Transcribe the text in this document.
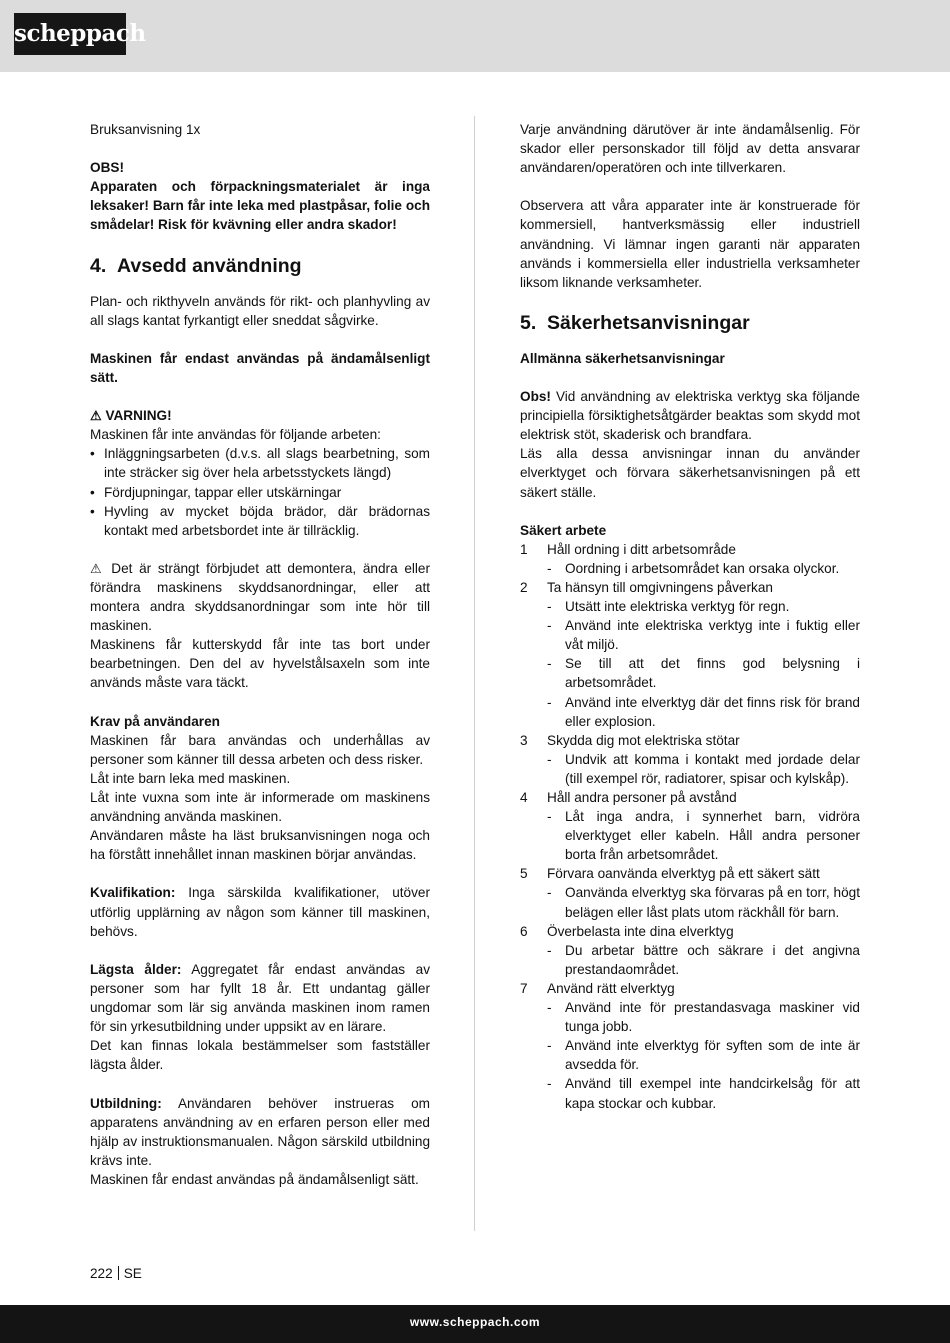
scheppach
Bruksanvisning 1x
OBS!
Apparaten och förpackningsmaterialet är inga leksaker! Barn får inte leka med plastpåsar, folie och smådelar! Risk för kvävning eller andra skador!
4. Avsedd användning
Plan- och rikthyveln används för rikt- och planhyvling av all slags kantat fyrkantigt eller sneddat sågvirke.
Maskinen får endast användas på ändamålsenligt sätt.
⚠ VARNING!
Maskinen får inte användas för följande arbeten:
• Inläggningsarbeten (d.v.s. all slags bearbetning, som inte sträcker sig över hela arbetsstyckets längd)
• Fördjupningar, tappar eller utskärningar
• Hyvling av mycket böjda brädor, där brädornas kontakt med arbetsbordet inte är tillräcklig.
⚠ Det är strängt förbjudet att demontera, ändra eller förändra maskinens skyddsanordningar, eller att montera andra skyddsanordningar som inte hör till maskinen.
Maskinens får kutterskydd får inte tas bort under bearbetningen. Den del av hyvelstålsaxeln som inte används måste vara täckt.
Krav på användaren
Maskinen får bara användas och underhållas av personer som känner till dessa arbeten och dess risker.
Låt inte barn leka med maskinen.
Låt inte vuxna som inte är informerade om maskinens användning använda maskinen.
Användaren måste ha läst bruksanvisningen noga och ha förstått innehållet innan maskinen börjar användas.
Kvalifikation: Inga särskilda kvalifikationer, utöver utförlig upplärning av någon som känner till maskinen, behövs.
Lägsta ålder: Aggregatet får endast användas av personer som har fyllt 18 år. Ett undantag gäller ungdomar som lär sig använda maskinen inom ramen för sin yrkesutbildning under uppsikt av en lärare.
Det kan finnas lokala bestämmelser som fastställer lägsta ålder.
Utbildning: Användaren behöver instrueras om apparatens användning av en erfaren person eller med hjälp av instruktionsmanualen. Någon särskild utbildning krävs inte.
Maskinen får endast användas på ändamålsenligt sätt.
Varje användning därutöver är inte ändamålsenlig. För skador eller personskador till följd av detta ansvarar användaren/operatören och inte tillverkaren.
Observera att våra apparater inte är konstruerade för kommersiell, hantverksmässig eller industriell användning. Vi lämnar ingen garanti när apparaten används i kommersiella eller industriella verksamheter liksom liknande verksamheter.
5. Säkerhetsanvisningar
Allmänna säkerhetsanvisningar
Obs! Vid användning av elektriska verktyg ska följande principiella försiktighetsåtgärder beaktas som skydd mot elektrisk stöt, skaderisk och brandfara.
Läs alla dessa anvisningar innan du använder elverktyget och förvara säkerhetsanvisningen på ett säkert ställe.
Säkert arbete
1 Håll ordning i ditt arbetsområde
- Oordning i arbetsområdet kan orsaka olyckor.
2 Ta hänsyn till omgivningens påverkan
- Utsätt inte elektriska verktyg för regn.
- Använd inte elektriska verktyg inte i fuktig eller våt miljö.
- Se till att det finns god belysning i arbetsområdet.
- Använd inte elverktyg där det finns risk för brand eller explosion.
3 Skydda dig mot elektriska stötar
- Undvik att komma i kontakt med jordade delar (till exempel rör, radiatorer, spisar och kylskåp).
4 Håll andra personer på avstånd
- Låt inga andra, i synnerhet barn, vidröra elverktyget eller kabeln. Håll andra personer borta från arbetsområdet.
5 Förvara oanvända elverktyg på ett säkert sätt
- Oanvända elverktyg ska förvaras på en torr, högt belägen eller låst plats utom räckhåll för barn.
6 Överbelasta inte dina elverktyg
- Du arbetar bättre och säkrare i det angivna prestandaområdet.
7 Använd rätt elverktyg
- Använd inte för prestandasvaga maskiner vid tunga jobb.
- Använd inte elverktyg för syften som de inte är avsedda för.
- Använd till exempel inte handcirkelsåg för att kapa stockar och kubbar.
222 SE
www.scheppach.com
